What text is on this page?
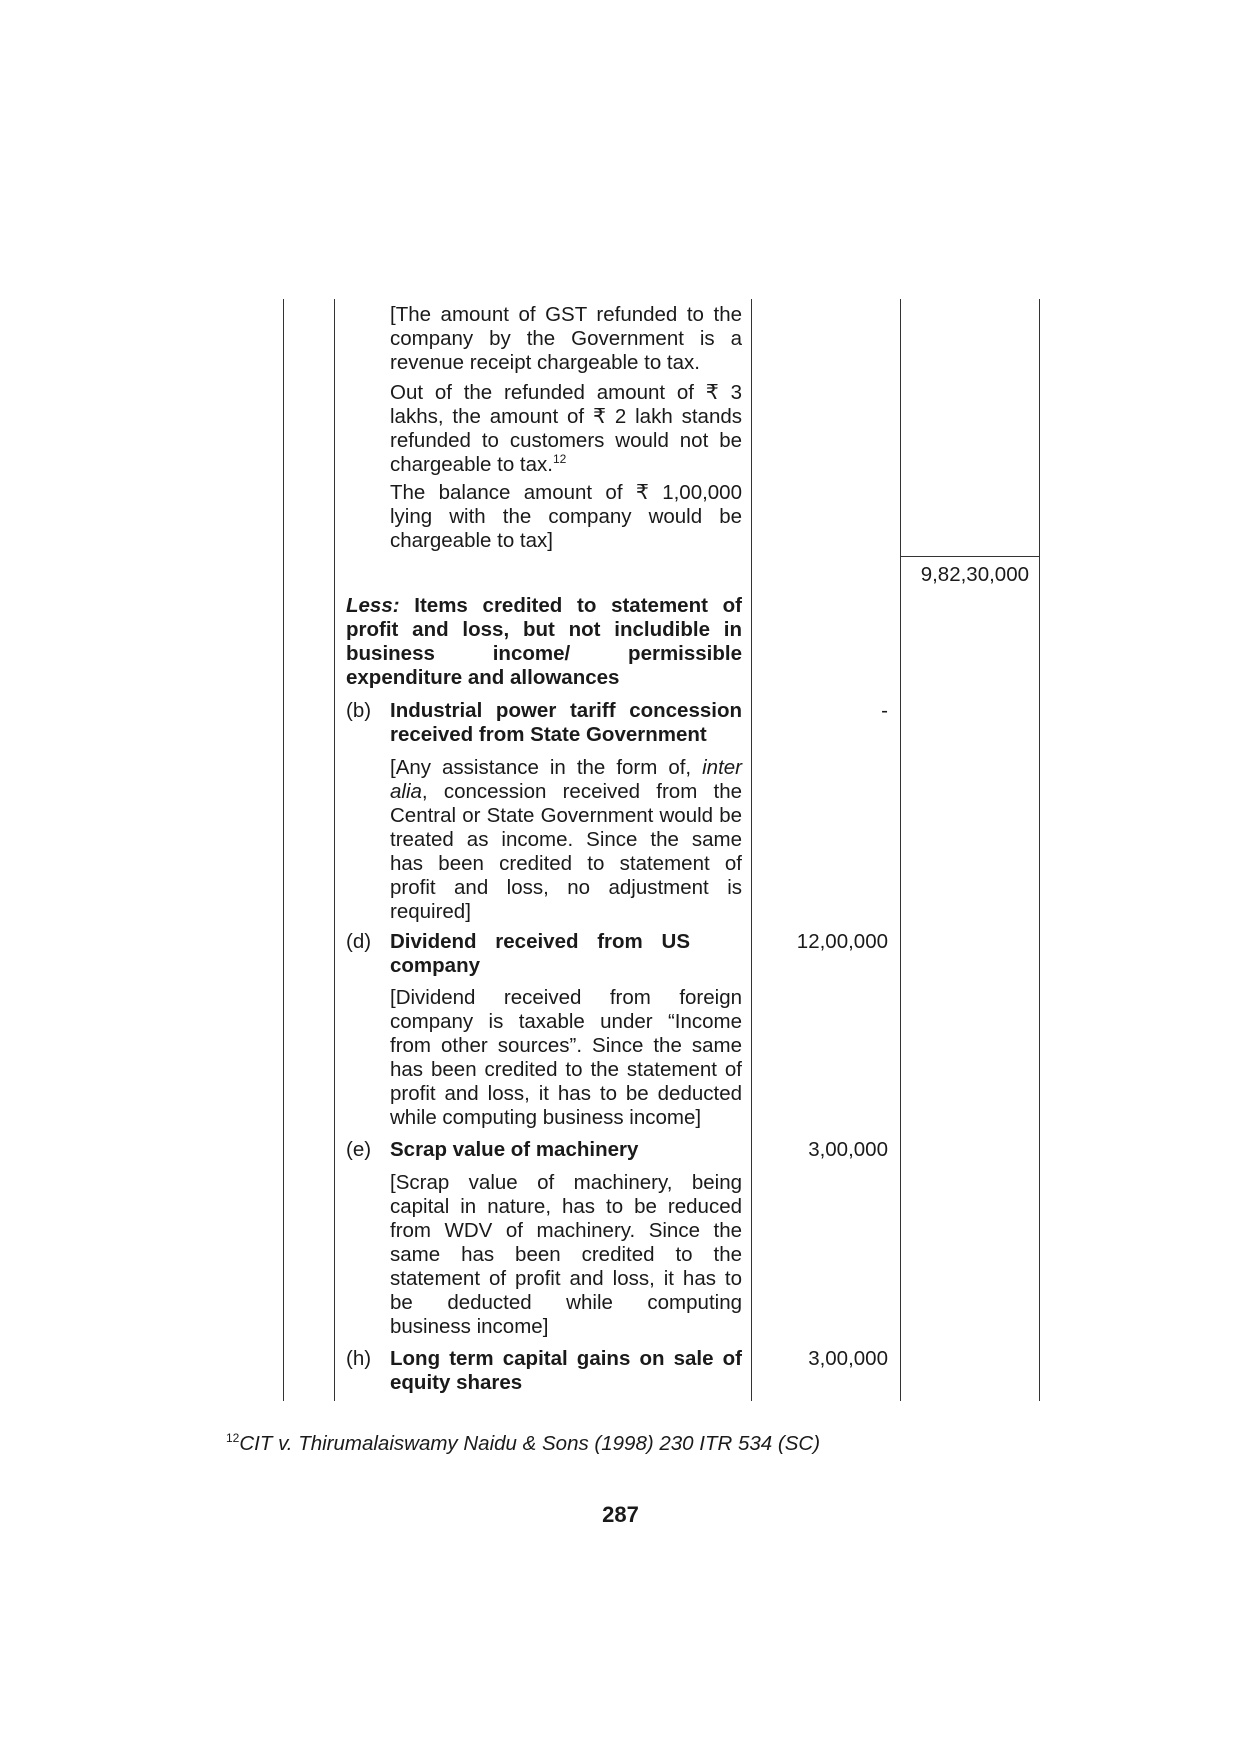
[The amount of GST refunded to the company by the Government is a revenue receipt chargeable to tax.

Out of the refunded amount of ₹ 3 lakhs, the amount of ₹ 2 lakh stands refunded to customers would not be chargeable to tax.$^{12}$

The balance amount of ₹ 1,00,000 lying with the company would be chargeable to tax]

9,82,30,000

Less: Items credited to statement of profit and loss, but not includible in business income/ permissible expenditure and allowances

(b) Industrial power tariff concession received from State Government

-

[Any assistance in the form of, inter alia, concession received from the Central or State Government would be treated as income. Since the same has been credited to statement of profit and loss, no adjustment is required]

(d) Dividend received from US company

12,00,000

[Dividend received from foreign company is taxable under “Income from other sources”. Since the same has been credited to the statement of profit and loss, it has to be deducted while computing business income]

(e) Scrap value of machinery	3,00,000

[Scrap value of machinery, being capital in nature, has to be reduced from WDV of machinery. Since the same has been credited to the statement of profit and loss, it has to be deducted while computing business income]

(h) Long term capital gains on sale of equity shares

3,00,000
$^{12}$CIT v. Thirumalaiswamy Naidu & Sons (1998) 230 ITR 534 (SC)
287
